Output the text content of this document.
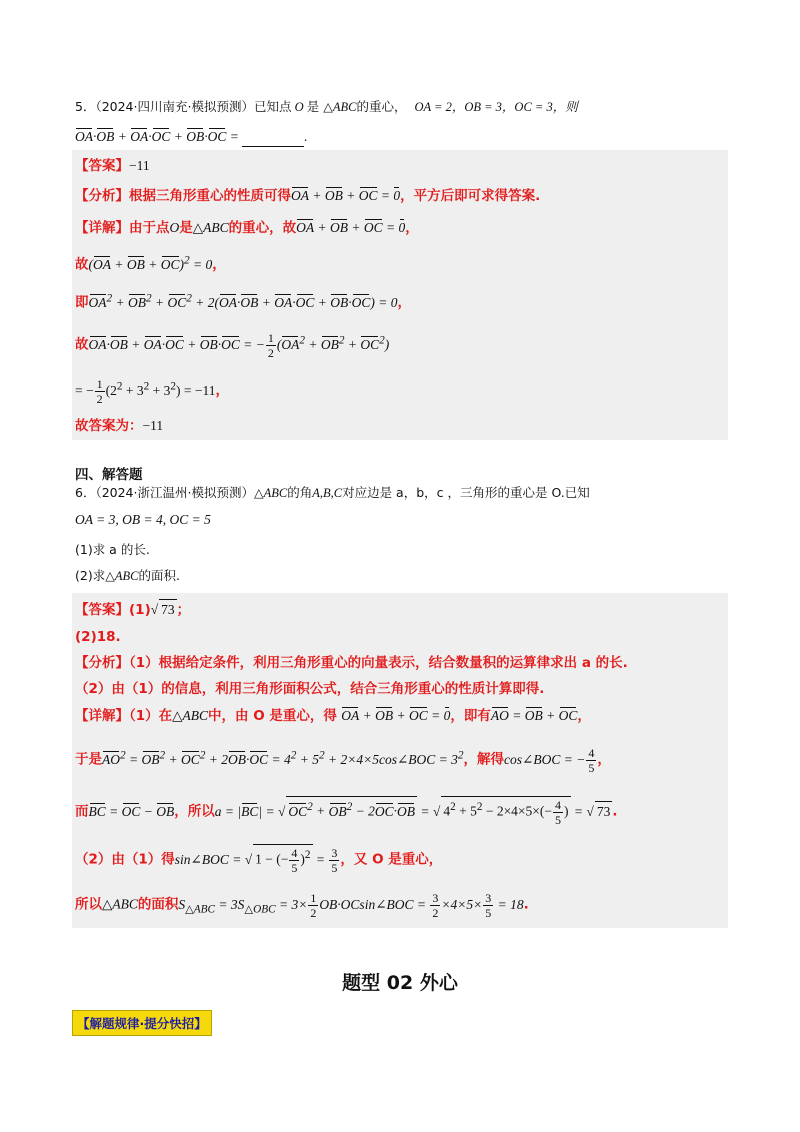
5．（2024·四川南充·模拟预测）已知点 O 是 △ABC的重心， OA = 2，OB = 3，OC = 3，则
OA·OB + OA·OC + OB·OC =	.
【答案】−11
【分析】根据三角形重心的性质可得OA + OB + OC = 0，平方后即可求得答案.
【详解】由于点O是△ABC的重心，故OA + OB + OC = 0，
故(OA + OB + OC)$^2$ = 0，
即$OA^2 + OB^2 + OC^2 + 2(OA\cdot OB + OA\cdot OC + OB\cdot OC) = 0$，
故OA·OB + OA·OC + OB·OC = − $\frac{1}{2} (OA^2 + OB^2 + OC^2)$
= − $\frac{1}{2} (2^2 + 3^2 + 3^2) = -11$，
故答案为：−11
四、解答题
6．（2024·浙江温州·模拟预测）△ABC的角A,B,C对应边是 a，b，c ，三角形的重心是 O.已知
OA = 3, OB = 4, OC = 5
(1)求 a 的长.
(2)求△ABC的面积.
【答案】(1) √ 73 ；
(2)18.
【分析】（1）根据给定条件，利用三角形重心的向量表示，结合数量积的运算律求出 a 的长.
（2）由（1）的信息，利用三角形面积公式，结合三角形重心的性质计算即得.
【详解】（1）在△ABC中，由 O 是重心，得 OA + OB + OC = 0，即有AO = OB + OC，
于是$AO^2 = OB^2 + OC^2 + 2OB\cdot OC = 4^2 + 5^2$ + 2×4×5cos∠BOC = $3^2$，解得cos∠BOC = − $\frac{4}{5}$ ，
而BC = OC − OB，所以a = |BC| = √ $OC^2 + OB^2 - 2OC\cdot OB$ = √ $4^2 + 5^2 - 2\times 4\times 5\times(- \frac{4}{5}$ ) = √ 73 .
（2）由（1）得sin∠BOC = √ 1 − (− $\frac{4}{5} )^2 = \frac{3}{5}$ ，又 O 是重心，
所以△ABC的面积$S_{\triangle ABC} = 3S_{\triangle OBC} = 3\times \frac{1}{2}$ OB·OCsin∠BOC = $\frac{3}{2} \times 4\times 5\times \frac{3}{5} = 18$.
题型 02 外心
【解题规律·提分快招】
